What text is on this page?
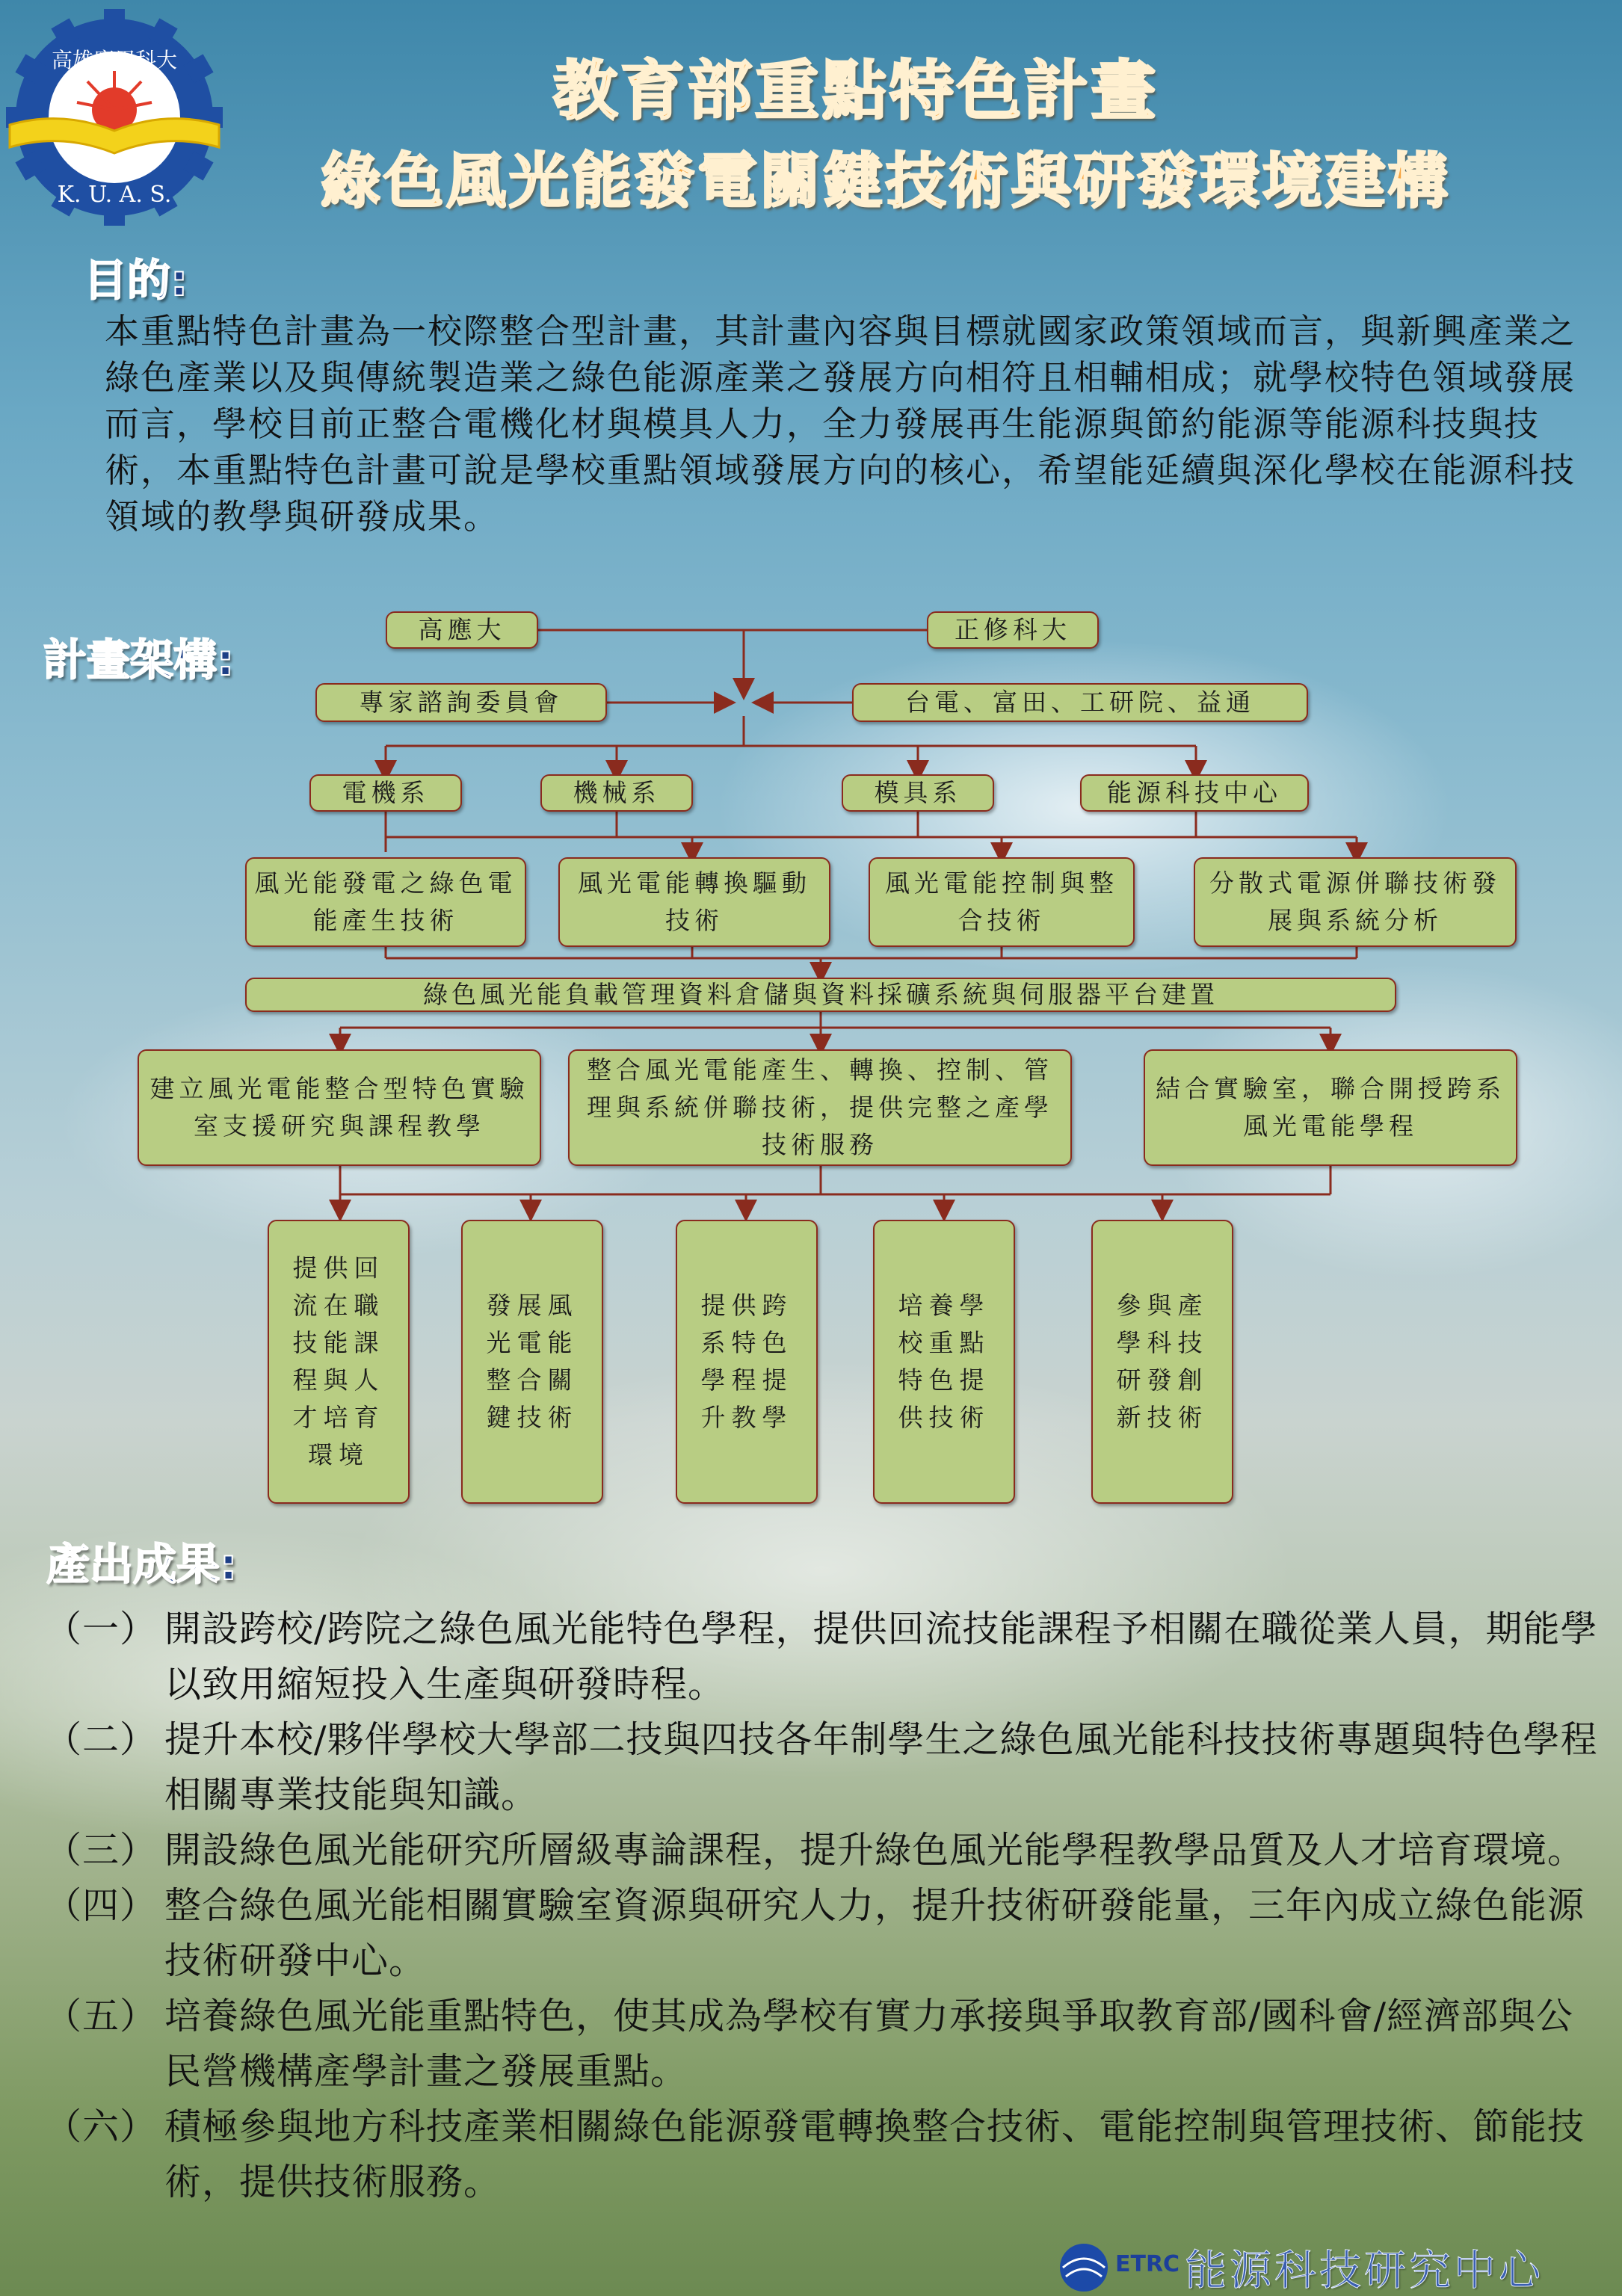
高雄應用科大
K. U. A. S.
教育部重點特色計畫
綠色風光能發電關鍵技術與研發環境建構
目的:
本重點特色計畫為一校際整合型計畫，其計畫內容與目標就國家政策領域而言，與新興產業之綠色產業以及與傳統製造業之綠色能源產業之發展方向相符且相輔相成；就學校特色領域發展而言，學校目前正整合電機化材與模具人力，全力發展再生能源與節約能源等能源科技與技術，本重點特色計畫可說是學校重點領域發展方向的核心，希望能延續與深化學校在能源科技領域的教學與研發成果。
計畫架構:
高應大	正修科大
專家諮詢委員會	台電、富田、工研院、益通
電機系	機械系	模具系	能源科技中心
風光能發電之綠色電能產生技術
風光電能轉換驅動技術
風光電能控制與整合技術
分散式電源併聯技術發展與系統分析
綠色風光能負載管理資料倉儲與資料採礦系統與伺服器平台建置
建立風光電能整合型特色實驗室支援研究與課程教學
整合風光電能產生、轉換、控制、管理與系統併聯技術，提供完整之產學技術服務
結合實驗室，聯合開授跨系風光電能學程
提供回流在職技能課程與人才培育環境
發展風光電能整合關鍵技術
提供跨系特色學程提升教學
培養學校重點特色提供技術
參與產學科技研發創新技術
產出成果:
（一） 開設跨校/跨院之綠色風光能特色學程，提供回流技能課程予相關在職從業人員，期能學以致用縮短投入生產與研發時程。
（二） 提升本校/夥伴學校大學部二技與四技各年制學生之綠色風光能科技技術專題與特色學程相關專業技能與知識。
（三） 開設綠色風光能研究所層級專論課程，提升綠色風光能學程教學品質及人才培育環境。
（四） 整合綠色風光能相關實驗室資源與研究人力，提升技術研發能量，三年內成立綠色能源技術研發中心。
（五） 培養綠色風光能重點特色，使其成為學校有實力承接與爭取教育部/國科會/經濟部與公民營機構產學計畫之發展重點。
（六） 積極參與地方科技產業相關綠色能源發電轉換整合技術、電能控制與管理技術、節能技術，提供技術服務。
ETRC 能源科技研究中心
